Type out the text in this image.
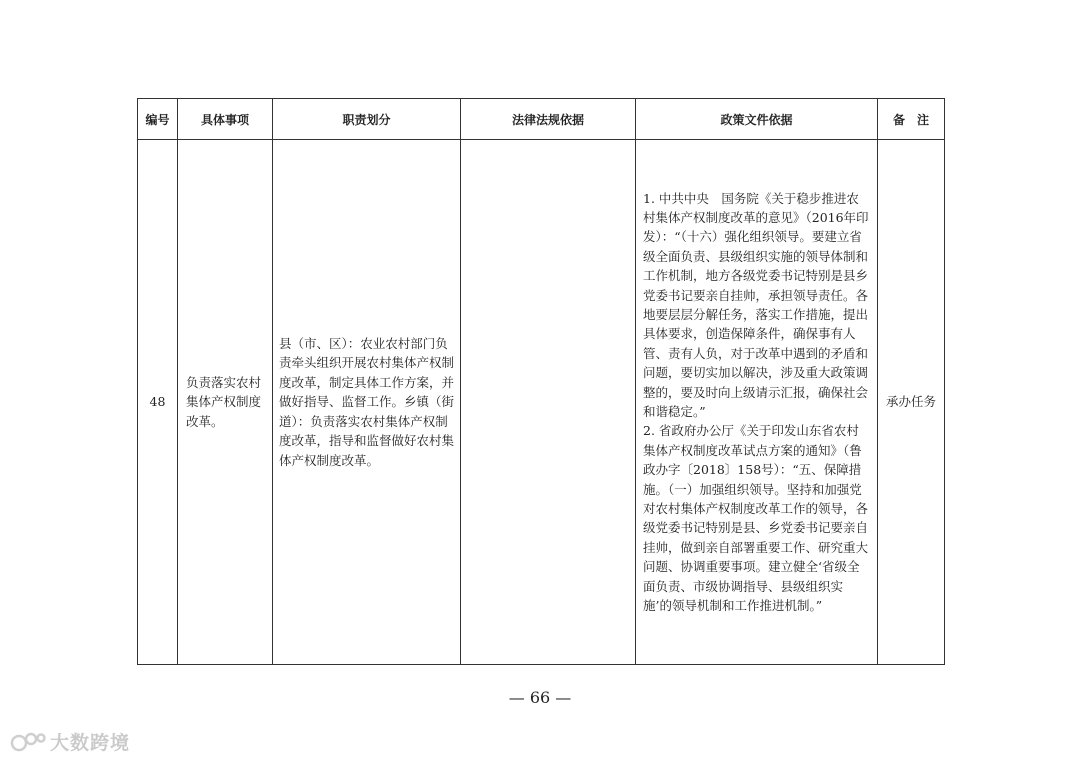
编号	具体事项	职责划分	法律法规依据	政策文件依据	备　注
48	负责落实农村集体产权制度改革。	县（市、区）：农业农村部门负责牵头组织开展农村集体产权制度改革，制定具体工作方案，并做好指导、监督工作。乡镇（街道）：负责落实农村集体产权制度改革，指导和监督做好农村集体产权制度改革。		1. 中共中央　国务院《关于稳步推进农村集体产权制度改革的意见》（2016年印发）：“（十六）强化组织领导。要建立省级全面负责、县级组织实施的领导体制和工作机制，地方各级党委书记特别是县乡党委书记要亲自挂帅，承担领导责任。各地要层层分解任务，落实工作措施，提出具体要求，创造保障条件，确保事有人管、责有人负，对于改革中遇到的矛盾和问题，要切实加以解决，涉及重大政策调整的，要及时向上级请示汇报，确保社会和谐稳定。”

2. 省政府办公厅《关于印发山东省农村集体产权制度改革试点方案的通知》（鲁政办字〔2018〕158号）：“五、保障措施。（一）加强组织领导。坚持和加强党对农村集体产权制度改革工作的领导，各级党委书记特别是县、乡党委书记要亲自挂帅，做到亲自部署重要工作、研究重大问题、协调重要事项。建立健全‘省级全面负责、市级协调指导、县级组织实施’的领导机制和工作推进机制。”	承办任务
— 66 —
大数跨境
